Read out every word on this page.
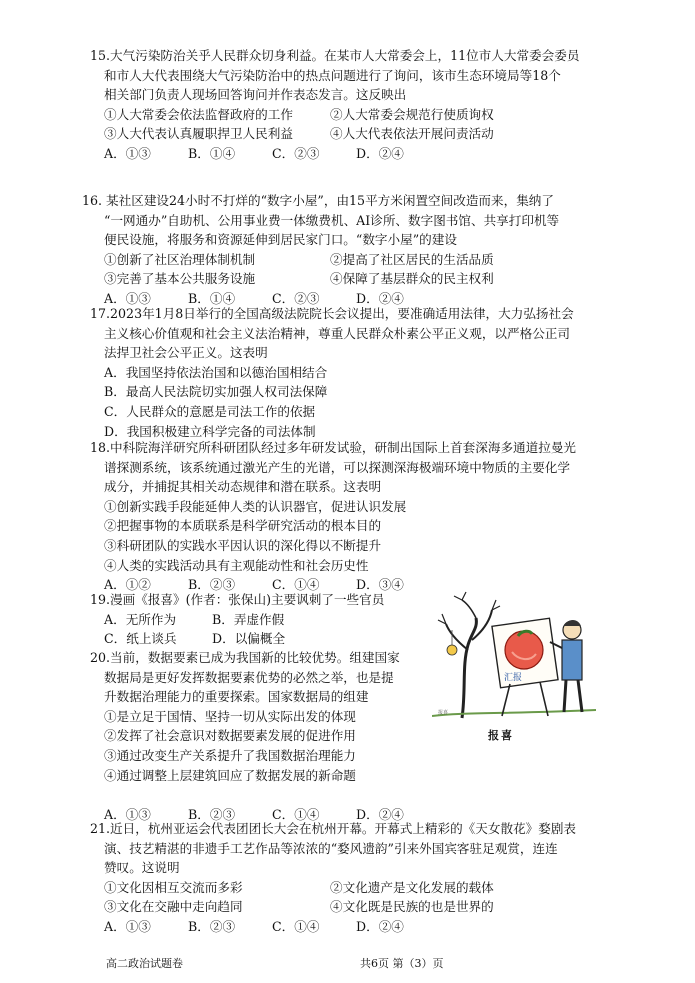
15.大气污染防治关乎人民群众切身利益。在某市人大常委会上，11位市人大常委会委员
和市人大代表围绕大气污染防治中的热点问题进行了询问，该市生态环境局等18个
相关部门负责人现场回答询问并作表态发言。这反映出
①人大常委会依法监督政府的工作	②人大常委会规范行使质询权
③人大代表认真履职捍卫人民利益	④人大代表依法开展问责活动
A．①③	B．①④	C．②③	D．②④
16. 某社区建设24小时不打烊的“数字小屋”，由15平方米闲置空间改造而来，集纳了
“一网通办”自助机、公用事业费一体缴费机、AI诊所、数字图书馆、共享打印机等
便民设施，将服务和资源延伸到居民家门口。“数字小屋”的建设
①创新了社区治理体制机制	②提高了社区居民的生活品质
③完善了基本公共服务设施	④保障了基层群众的民主权利
A．①③	B．①④	C．②③	D．②④
17.2023年1月8日举行的全国高级法院院长会议提出，要准确适用法律，大力弘扬社会
主义核心价值观和社会主义法治精神，尊重人民群众朴素公平正义观，以严格公正司
法捍卫社会公平正义。这表明
A．我国坚持依法治国和以德治国相结合
B．最高人民法院切实加强人权司法保障
C．人民群众的意愿是司法工作的依据
D．我国积极建立科学完备的司法体制
18.中科院海洋研究所科研团队经过多年研发试验，研制出国际上首套深海多通道拉曼光
谱探测系统，该系统通过激光产生的光谱，可以探测深海极端环境中物质的主要化学
成分，并捕捉其相关动态规律和潜在联系。这表明
①创新实践手段能延伸人类的认识器官，促进认识发展
②把握事物的本质联系是科学研究活动的根本目的
③科研团队的实践水平因认识的深化得以不断提升
④人类的实践活动具有主观能动性和社会历史性
A．①②	B．②③	C．①④	D．③④
19.漫画《报喜》(作者：张保山)主要讽刺了一些官员
A．无所作为	B．弄虚作假
C．纸上谈兵	D．以偏概全
20.当前，数据要素已成为我国新的比较优势。组建国家
数据局是更好发挥数据要素优势的必然之举，也是提
升数据治理能力的重要探索。国家数据局的组建
①是立足于国情、坚持一切从实际出发的体现
②发挥了社会意识对数据要素发展的促进作用
③通过改变生产关系提升了我国数据治理能力
④通过调整上层建筑回应了数据发展的新命题
A．①③	B．②③	C．①④	D．②④
21.近日，杭州亚运会代表团团长大会在杭州开幕。开幕式上精彩的《天女散花》婺剧表
演、技艺精湛的非遗手工艺作品等浓浓的“婺风遗韵”引来外国宾客驻足观赏，连连
赞叹。这说明
①文化因相互交流而多彩	②文化遗产是文化发展的载体
③文化在交融中走向趋同	④文化既是民族的也是世界的
A．①③	B．②③	C．①④	D．②④
汇报
报喜
报喜
高二政治试题卷	共6页 第（3）页
